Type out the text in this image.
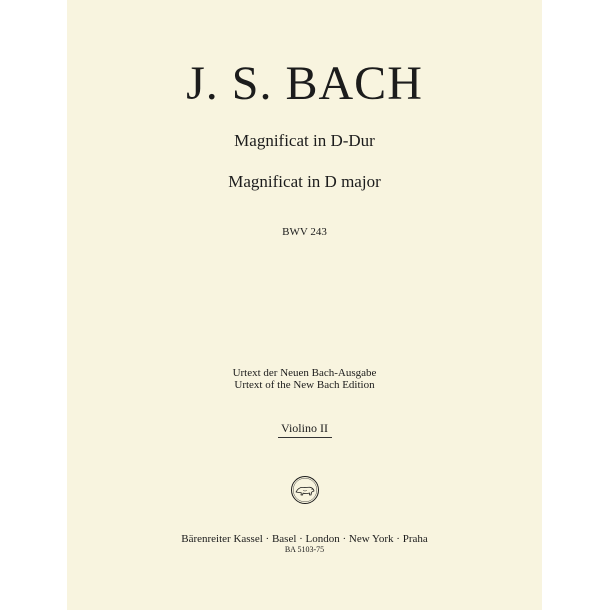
J. S. BACH
Magnificat in D-Dur
Magnificat in D major
BWV 243
Urtext der Neuen Bach-Ausgabe
Urtext of the New Bach Edition
Violino II
Bärenreiter Kassel · Basel · London · New York · Praha
BA 5103-75
